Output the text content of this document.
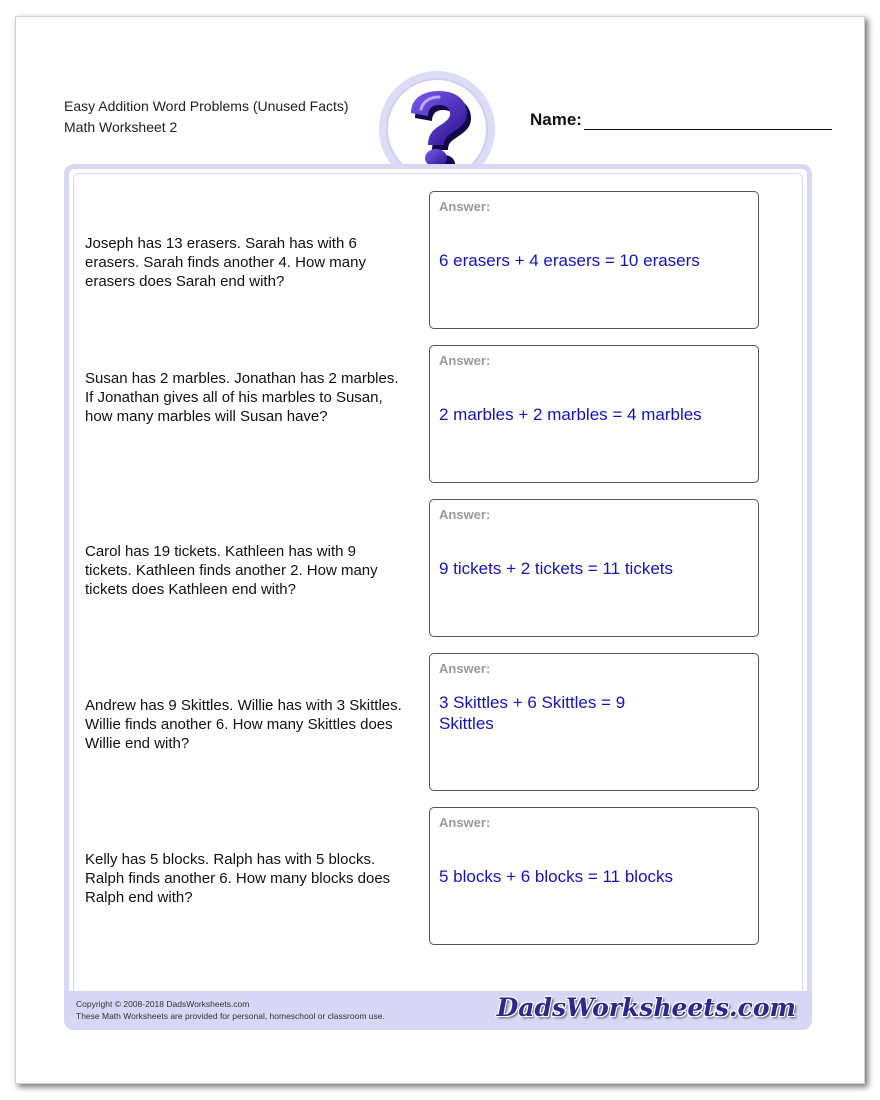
Easy Addition Word Problems (Unused Facts)
Math Worksheet 2	Name:
Joseph has 13 erasers. Sarah has with 6 erasers. Sarah finds another 4. How many erasers does Sarah end with?
Answer:
6 erasers + 4 erasers = 10 erasers
Susan has 2 marbles. Jonathan has 2 marbles. If Jonathan gives all of his marbles to Susan, how many marbles will Susan have?
Answer:
2 marbles + 2 marbles = 4 marbles
Carol has 19 tickets. Kathleen has with 9 tickets. Kathleen finds another 2. How many tickets does Kathleen end with?
Answer:
9 tickets + 2 tickets = 11 tickets
Andrew has 9 Skittles. Willie has with 3 Skittles. Willie finds another 6. How many Skittles does Willie end with?
Answer:
3 Skittles + 6 Skittles = 9 Skittles
Kelly has 5 blocks. Ralph has with 5 blocks. Ralph finds another 6. How many blocks does Ralph end with?
Answer:
5 blocks + 6 blocks = 11 blocks
Copyright © 2008-2018 DadsWorksheets.com
These Math Worksheets are provided for personal, homeschool or classroom use.	DadsWorksheets.com
